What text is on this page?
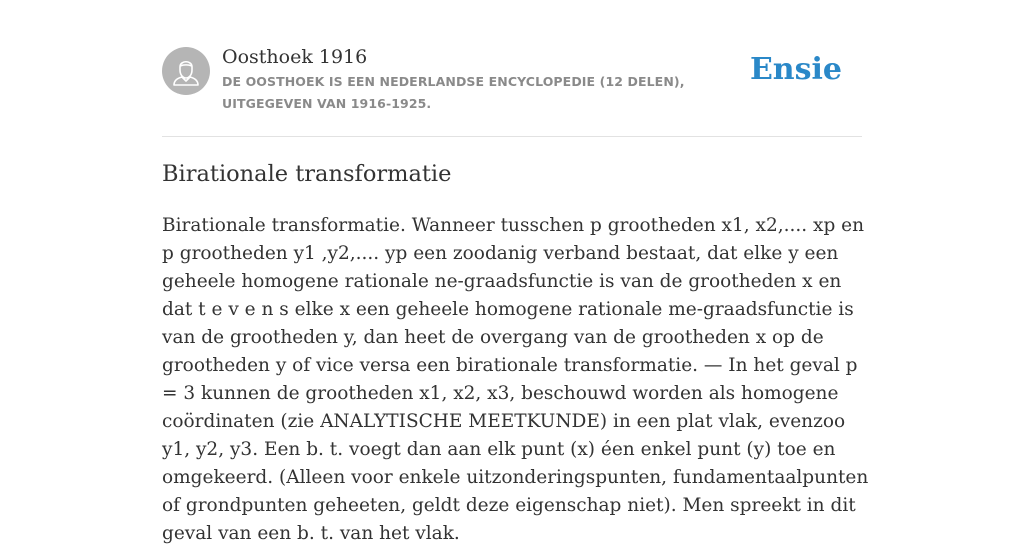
Oosthoek 1916
DE OOSTHOEK IS EEN NEDERLANDSE ENCYCLOPEDIE (12 DELEN), UITGEGEVEN VAN 1916-1925.
Ensie
Birationale transformatie

Birationale transformatie. Wanneer tusschen p grootheden x1, x2,.... xp en p grootheden y1 ,y2,.... yp een zoodanig verband bestaat, dat elke y een geheele homogene rationale ne-graadsfunctie is van de grootheden x en dat t e v e n s elke x een geheele homogene rationale me-graadsfunctie is van de grootheden y, dan heet de overgang van de grootheden x op de grootheden y of vice versa een birationale transformatie. — In het geval p = 3 kunnen de grootheden x1, x2, x3, beschouwd worden als homogene coördinaten (zie ANALYTISCHE MEETKUNDE) in een plat vlak, evenzoo y1, y2, y3. Een b. t. voegt dan aan elk punt (x) éen enkel punt (y) toe en omgekeerd. (Alleen voor enkele uitzonderingspunten, fundamentaalpunten of grondpunten geheeten, geldt deze eigenschap niet). Men spreekt in dit geval van een b. t. van het vlak.
